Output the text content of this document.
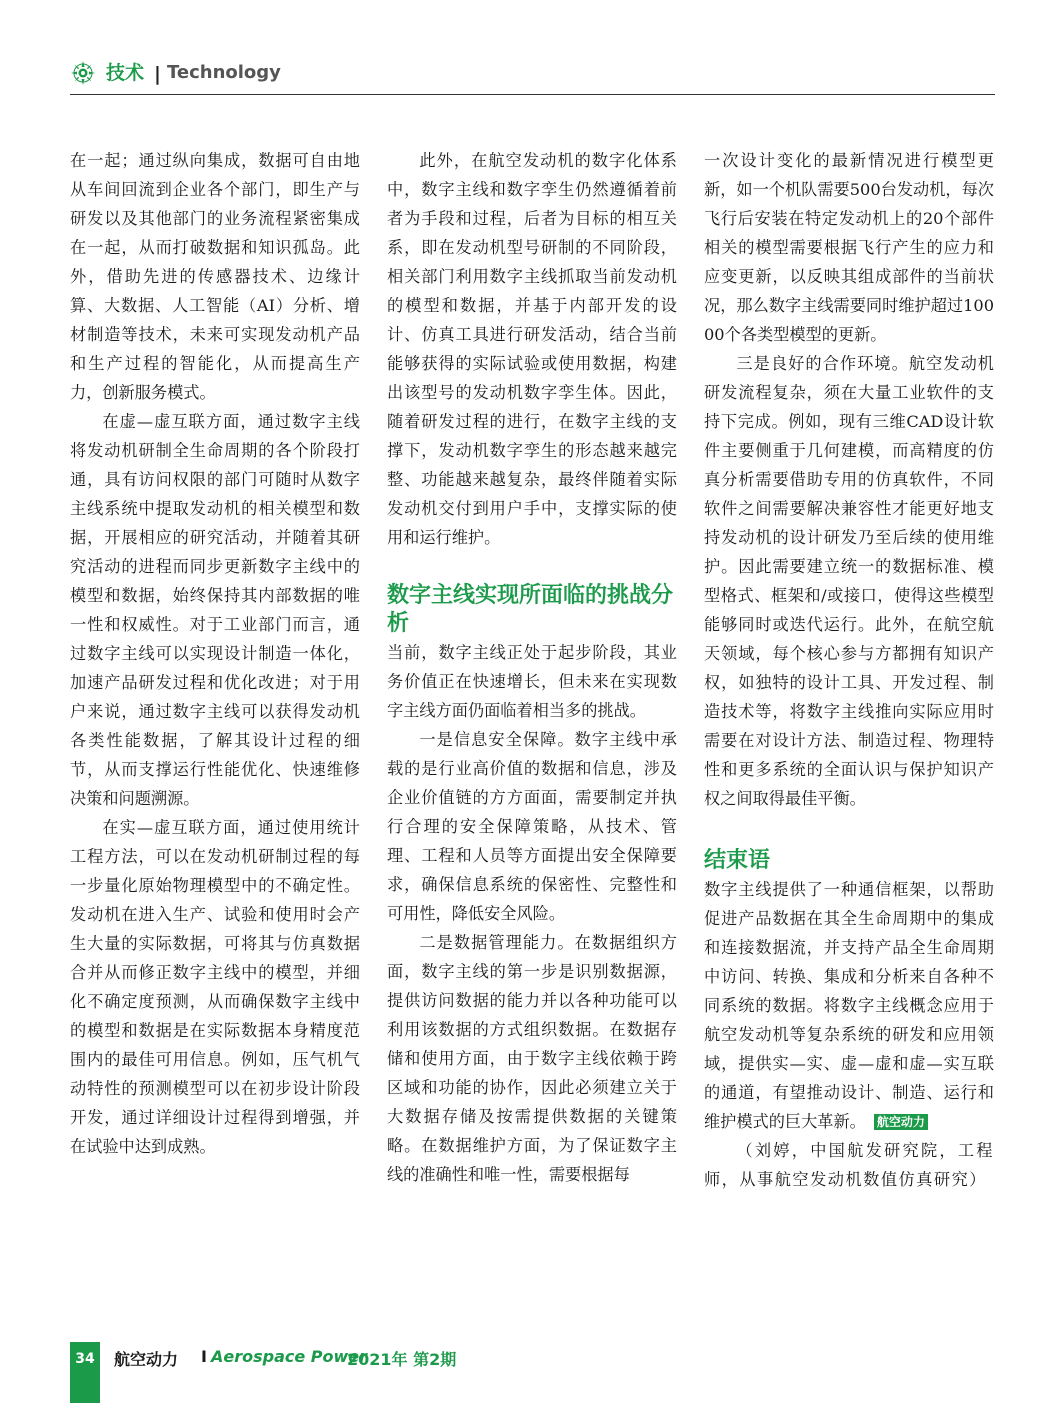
技术 | Technology

在一起；通过纵向集成，数据可自由地从车间回流到企业各个部门，即生产与研发以及其他部门的业务流程紧密集成在一起，从而打破数据和知识孤岛。此外，借助先进的传感器技术、边缘计算、大数据、人工智能（AI）分析、增材制造等技术，未来可实现发动机产品和生产过程的智能化，从而提高生产力，创新服务模式。

在虚—虚互联方面，通过数字主线将发动机研制全生命周期的各个阶段打通，具有访问权限的部门可随时从数字主线系统中提取发动机的相关模型和数据，开展相应的研究活动，并随着其研究活动的进程而同步更新数字主线中的模型和数据，始终保持其内部数据的唯一性和权威性。对于工业部门而言，通过数字主线可以实现设计制造一体化，加速产品研发过程和优化改进；对于用户来说，通过数字主线可以获得发动机各类性能数据，了解其设计过程的细节，从而支撑运行性能优化、快速维修决策和问题溯源。

在实—虚互联方面，通过使用统计工程方法，可以在发动机研制过程的每一步量化原始物理模型中的不确定性。发动机在进入生产、试验和使用时会产生大量的实际数据，可将其与仿真数据合并从而修正数字主线中的模型，并细化不确定度预测，从而确保数字主线中的模型和数据是在实际数据本身精度范围内的最佳可用信息。例如，压气机气动特性的预测模型可以在初步设计阶段开发，通过详细设计过程得到增强，并在试验中达到成熟。

此外，在航空发动机的数字化体系中，数字主线和数字孪生仍然遵循着前者为手段和过程，后者为目标的相互关系，即在发动机型号研制的不同阶段，相关部门利用数字主线抓取当前发动机的模型和数据，并基于内部开发的设计、仿真工具进行研发活动，结合当前能够获得的实际试验或使用数据，构建出该型号的发动机数字孪生体。因此，随着研发过程的进行，在数字主线的支撑下，发动机数字孪生的形态越来越完整、功能越来越复杂，最终伴随着实际发动机交付到用户手中，支撑实际的使用和运行维护。

数字主线实现所面临的挑战分析

当前，数字主线正处于起步阶段，其业务价值正在快速增长，但未来在实现数字主线方面仍面临着相当多的挑战。

一是信息安全保障。数字主线中承载的是行业高价值的数据和信息，涉及企业价值链的方方面面，需要制定并执行合理的安全保障策略，从技术、管理、工程和人员等方面提出安全保障要求，确保信息系统的保密性、完整性和可用性，降低安全风险。

二是数据管理能力。在数据组织方面，数字主线的第一步是识别数据源，提供访问数据的能力并以各种功能可以利用该数据的方式组织数据。在数据存储和使用方面，由于数字主线依赖于跨区域和功能的协作，因此必须建立关于大数据存储及按需提供数据的关键策略。在数据维护方面，为了保证数字主线的准确性和唯一性，需要根据每

一次设计变化的最新情况进行模型更新，如一个机队需要500台发动机，每次飞行后安装在特定发动机上的20个部件相关的模型需要根据飞行产生的应力和应变更新，以反映其组成部件的当前状况，那么数字主线需要同时维护超过10000个各类型模型的更新。

三是良好的合作环境。航空发动机研发流程复杂，须在大量工业软件的支持下完成。例如，现有三维CAD设计软件主要侧重于几何建模，而高精度的仿真分析需要借助专用的仿真软件，不同软件之间需要解决兼容性才能更好地支持发动机的设计研发乃至后续的使用维护。因此需要建立统一的数据标准、模型格式、框架和/或接口，使得这些模型能够同时或迭代运行。此外，在航空航天领域，每个核心参与方都拥有知识产权，如独特的设计工具、开发过程、制造技术等，将数字主线推向实际应用时需要在对设计方法、制造过程、物理特性和更多系统的全面认识与保护知识产权之间取得最佳平衡。

结束语

数字主线提供了一种通信框架，以帮助促进产品数据在其全生命周期中的集成和连接数据流，并支持产品全生命周期中访问、转换、集成和分析来自各种不同系统的数据。将数字主线概念应用于航空发动机等复杂系统的研发和应用领域，提供实—实、虚—虚和虚—实互联的通道，有望推动设计、制造、运行和维护模式的巨大革新。 航空动力

（刘婷，中国航发研究院，工程师，从事航空发动机数值仿真研究）

34	航空动力 I Aerospace Power
2021年 第2期
